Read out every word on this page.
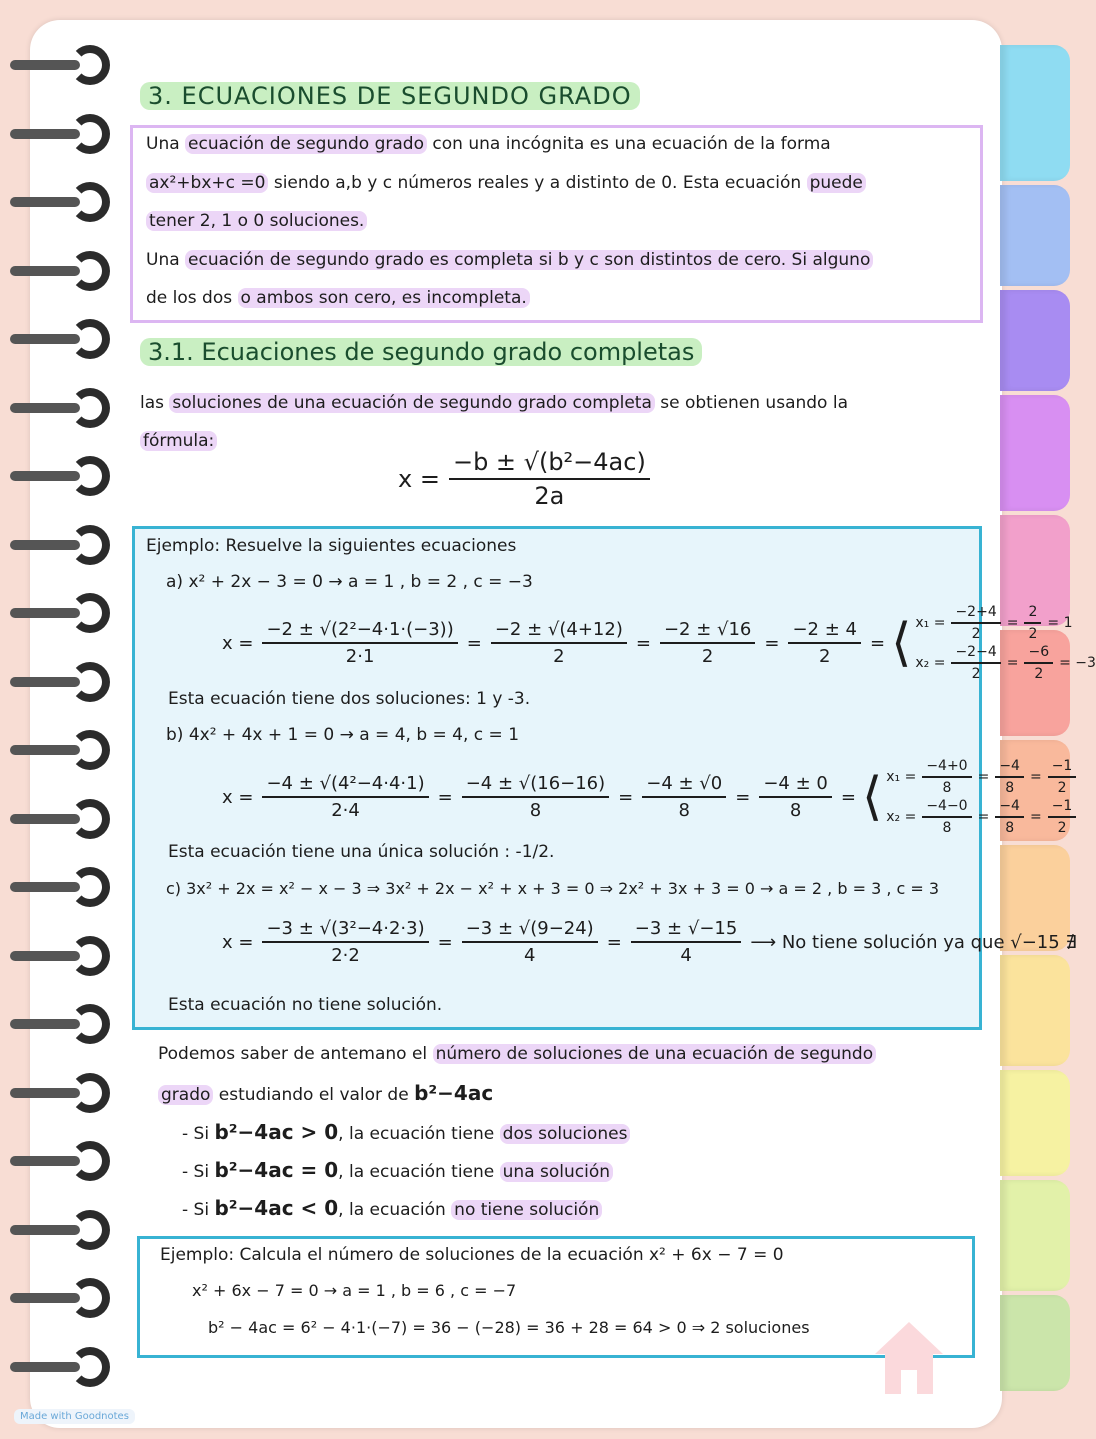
3. ECUACIONES DE SEGUNDO GRADO
Una ecuación de segundo grado con una incógnita es una ecuación de la forma
ax²+bx+c =0 siendo a,b y c números reales y a distinto de 0. Esta ecuación puede
tener 2, 1 o 0 soluciones.
Una ecuación de segundo grado es completa si b y c son distintos de cero. Si alguno
de los dos o ambos son cero, es incompleta.
3.1. Ecuaciones de segundo grado completas
las soluciones de una ecuación de segundo grado completa se obtienen usando la
fórmula:
$x = \frac{\text{−b ± √(b²−4ac)}}{2a}$
Ejemplo: Resuelve la siguientes ecuaciones
a) x² + 2x − 3 = 0 → a = 1 , b = 2 , c = −3
$x = \frac{\text{−2 ± √(2²−4·1·(−3))}}{2\cdot 1} = \frac{-2 \pm √(4+12)}{2} = \frac{-2 \pm √16}{2} = \frac{-2 \pm 4}{2}$ = ⟨ $x_1 = \frac{-2+4}{2} = \frac{2}{2} = 1$
$x_2 = \frac{-2-4}{2} = \frac{-6}{2} = -3$
Esta ecuación tiene dos soluciones: 1 y -3.
b) 4x² + 4x + 1 = 0 → a = 4, b = 4, c = 1
$x = \frac{\text{−4 ± √(4²−4·4·1)}}{2\cdot 4} = \frac{-4 \pm √(16-16)}{8} = \frac{-4 \pm √0}{8} = \frac{-4 \pm 0}{8}$ = ⟨ $x_1 = \frac{-4+0}{8} = \frac{-4}{8} = \frac{-1}{2}$
$x_2 = \frac{-4-0}{8} = \frac{-4}{8} = \frac{-1}{2}$
Esta ecuación tiene una única solución : -1/2.
c) 3x² + 2x = x² − x − 3 ⇒ 3x² + 2x − x² + x + 3 = 0 ⇒ 2x² + 3x + 3 = 0 → a = 2 , b = 3 , c = 3
$x = \frac{\text{−3 ± √(3²−4·2·3)}}{2\cdot 2} = \frac{-3 \pm √(9-24)}{4} = \frac{-3 \pm √-15}{4}$ ⟶ No tiene solución ya que √−15 ∄
Esta ecuación no tiene solución.
Podemos saber de antemano el número de soluciones de una ecuación de segundo
grado estudiando el valor de b²−4ac
- Si b²−4ac > 0, la ecuación tiene dos soluciones
- Si b²−4ac = 0, la ecuación tiene una solución
- Si b²−4ac < 0, la ecuación no tiene solución
Ejemplo: Calcula el número de soluciones de la ecuación x² + 6x − 7 = 0
x² + 6x − 7 = 0 → a = 1 , b = 6 , c = −7
b² − 4ac = 6² − 4·1·(−7) = 36 − (−28) = 36 + 28 = 64 > 0 ⇒ 2 soluciones
Made with Goodnotes
